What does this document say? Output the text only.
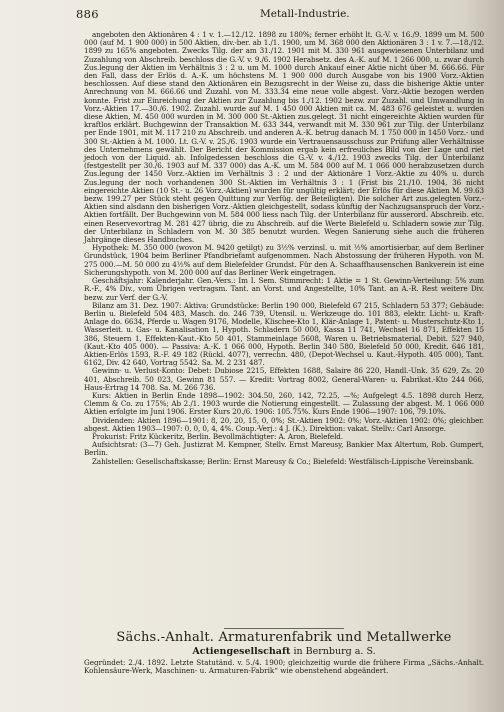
886	Metall-Industrie.

angeboten den Aktionären 4 : 1 v. 1.—12./12. 1898 zu 180%; ferner erhöht lt. G.-V. v. 16./9. 1899 um M. 500 000 (auf M. 1 900 000) in 500 Aktien, div.-ber. ab 1./1. 1900, um M. 368 000 den Aktionären 3 : 1 v. 7.—18./12. 1899 zu 165% angeboten. Zwecks Tilg. der am 31./12. 1901 mit M. 330 961 ausgewiesenen Unterbilanz und Zuzahlung von Abschreib. beschloss die G.-V. v. 9./6. 1902 Herabsetz. des A.-K. auf M. 1 266 000, u. zwar durch Zus.legung der Aktien im Verhältnis 3 : 2 u. um M. 1000 durch Ankauf einer Aktie nicht über M. 666.66. Für den Fall, dass der Erlös d. A.-K. um höchstens M. 1 900 000 durch Ausgabe von bis 1900 Vorz.-Aktien beschlossen. Auf diese stand den Aktionären ein Bezugsrecht in der Weise zu, dass die bisherige Aktie unter Anrechnung von M. 666.66 und Zuzahl. von M. 333.34 eine neue volle abgest. Vorz.-Aktie bezogen werden konnte. Frist zur Einreichung der Aktien zur Zuzahlung bis 1./12. 1902 bezw. zur Zuzahl. und Umwandlung in Vorz.-Aktien 17.—30./6. 1902. Zuzahl. wurde auf M. 1 450 000 Aktien mit ca. M. 483 676 geleistet u. wurden diese Aktien, M. 450 000 wurden in M. 300 000 St.-Aktien zus.gelegt. 31 nicht eingereichte Aktien wurden für kraftlos erklärt. Buchgewinn der Transaktion M. 633 344, verwandt mit M. 330 961 zur Tilg. der Unterbilanz per Ende 1901, mit M. 117 210 zu Abschreib. und anderen A.-K. betrug danach M. 1 750 000 in 1450 Vorz.- und 300 St.-Aktien à M. 1000. Lt. G.-V. v. 25./6. 1903 wurde ein Vertrauensausschuss zur Prüfung aller Verhältnisse des Unternehmens gewählt. Der Bericht der Kommission ergab kein erfreuliches Bild von der Lage und riet jedoch von der Liquid. ab. Infolgedessen beschloss die G.-V. v. 4./12. 1903 zwecks Tilg. der Unterbilanz (festgestellt per 30./6. 1903 auf M. 337 000) das A.-K. um M. 584 000 auf M. 1 066 000 herabzusetzen durch Zus.legung der 1450 Vorz.-Aktien im Verhältnis 3 : 2 und der Aktionäre 1 Vorz.-Aktie zu 40% u. durch Zus.legung der noch vorhandenen 300 St.-Aktien im Verhältnis 3 : 1 (Frist bis 21./10. 1904, 36 nicht eingereichte Aktien (10 St.- u. 26 Vorz.-Aktien) wurden für ungültig erklärt; der Erlös für diese Aktien M. 99.63 bezw. 199.27 per Stück steht gegen Quittung zur Verfüg. der Beteiligten). Die solcher Art zus.gelegten Vorz.-Aktien sind alsdann den bisherigen Vorz.-Aktien gleichgestellt, sodass künftig der Nachzugsanspruch der Vorz.-Aktien fortfällt. Der Buchgewinn von M. 584 000 liess nach Tilg. der Unterbilanz für ausserord. Abschreib. etc. einen Reservevortrag M. 281 427 übrig, die zu Abschreib. auf die Werte Bielefeld u. Schladern sowie zur Tilg. der Unterbilanz in Schladern von M. 30 385 benutzt wurden. Wegen Sanierung siehe auch die früheren Jahrgänge dieses Handbuches.

Hypothek: M. 350 000 (wovon M. 9420 getilgt) zu 3½% verzinsl. u. mit ½% amortisierbar, auf dem Berliner Grundstück, 1904 beim Berliner Pfandbriefamt aufgenommen. Nach Abstossung der früheren Hypoth. von M. 275 000.—M. 50 000 zu 4½% auf dem Bielefelder Grundst. Für den A. Schaaffhausenschen Bankverein ist eine Sicherungshypoth. von M. 200 000 auf das Berliner Werk eingetragen.

Geschäftsjahr: Kalenderjahr. Gen.-Vers.: Im I. Sem. Stimmrecht: 1 Aktie = 1 St. Gewinn-Verteilung: 5% zum R.-F., 4% Div., vom Übrigen vertragsm. Tant. an Vorst. und Angestellte, 10% Tant. an A.-R. Rest weitere Div. bezw. zur Verf. der G.-V.

Bilanz am 31. Dez. 1907: Aktiva: Grundstücke: Berlin 190 000, Bielefeld 67 215, Schladern 53 377; Gebäude: Berlin u. Bielefeld 504 483, Masch. do. 246 739, Utensil. u. Werkzeuge do. 101 883, elektr. Licht- u. Kraft-Anlage do. 6634, Pferde u. Wagen 9176, Modelle, Klischee-Kto 1, Klär-Anlage 1, Patent- u. Musterschutz-Kto 1, Wasserleit. u. Gas- u. Kanalisation 1, Hypoth. Schladern 50 000, Kassa 11 741, Wechsel 16 871, Effekten 15 386, Steuern 1, Effekten-Kaut.-Kto 50 401, Stammeinlage 5608, Waren u. Betriebsmaterial, Debit. 527 940, (Kaut.-Kto 405 000). — Passiva: A.-K. 1 066 000, Hypoth. Berlin 340 580, Bielefeld 50 000, Kredit. 646 181, Aktien-Erlös 1593, R.-F. 49 182 (Rückl. 4077), verrechn. 480, (Depot-Wechsel u. Kaut.-Hypoth. 405 000), Tant. 6162, Div. 42 640, Vortrag 5542. Sa. M. 2 231 487.

Gewinn- u. Verlust-Konto: Debet: Dubiose 2215, Effekten 1688, Salaire 86 220, Handl.-Unk. 35 629, Zs. 20 401, Abschreib. 50 023, Gewinn 81 557. — Kredit: Vortrag 8002, General-Waren- u. Fabrikat.-Kto 244 066, Haus-Ertrag 14 708. Sa. M. 266 736.

Kurs: Aktien in Berlin Ende 1898—1902: 304.50, 260, 142, 72.25, —%; Aufgelegt 4.5. 1898 durch Herz, Clemm & Co. zu 175%; Ab 2./1. 1903 wurde die Notierung eingestellt. — Zulassung der abgest. M. 1 066 000 Aktien erfolgte im Juni 1906. Erster Kurs 20./6. 1906: 105.75%. Kurs Ende 1906—1907: 106, 79.10%.

Dividenden: Aktien 1896—1901: 8, 20, 20, 15, 0, 0%; St.-Aktien 1902: 0%; Vorz.-Aktien 1902: 0%; gleichber. abgest. Aktien 1903—1907: 0, 0, 0, 4, 4%. Coup.-Verj.: 4 J. (K.). Direktion: vakat. Stellv.: Carl Ansorge.

Prokurist: Fritz Kückeritz, Berlin. Bevollmächtigter: A. Aron, Bielefeld.

Aufsichtsrat: (3—7) Geh. Justizrat M. Kempner, Stellv. Ernst Mareusy, Bankier Max Altertum, Rob. Gumpert, Berlin.

Zahlstellen: Gesellschaftskasse; Berlin: Ernst Mareusy & Co.; Bielefeld: Westfälisch-Lippische Vereinsbank.

Sächs.-Anhalt. Armaturenfabrik und Metallwerke
Actiengesellschaft in Bernburg a. S.
Gegründet: 2./4. 1892. Letzte Statutänd. v. 5./4. 1900; gleichzeitig wurde die frühere Firma „Sächs.-Anhalt. Kohlensäure-Werk, Maschinen- u. Armaturen-Fabrik“ wie obenstehend abgeändert.
